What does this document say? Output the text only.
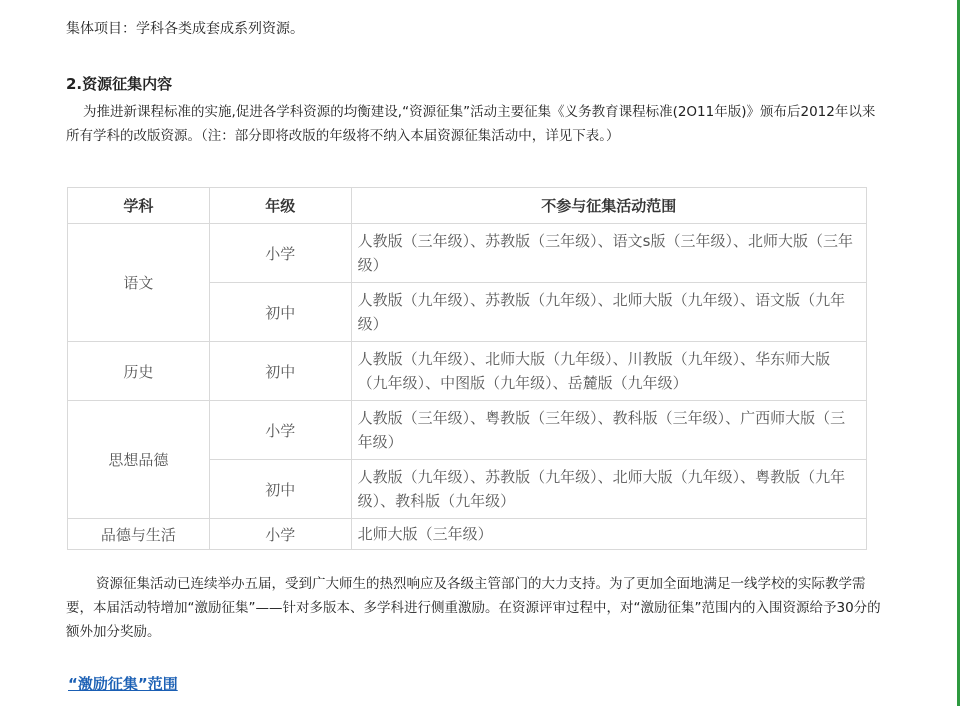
集体项目：学科各类成套成系列资源。
2.资源征集内容
为推进新课程标准的实施,促进各学科资源的均衡建设,“资源征集”活动主要征集《义务教育课程标准(2O11年版)》颁布后2012年以来所有学科的改版资源。（注：部分即将改版的年级将不纳入本届资源征集活动中，详见下表。）
学科	年级	不参与征集活动范围
语文	小学	人教版（三年级）、苏教版（三年级）、语文s版（三年级）、北师大版（三年级）
	初中	人教版（九年级）、苏教版（九年级）、北师大版（九年级）、语文版（九年级）
历史	初中	人教版（九年级）、北师大版（九年级）、川教版（九年级）、华东师大版（九年级）、中图版（九年级）、岳麓版（九年级）
思想品德	小学	人教版（三年级）、粤教版（三年级）、教科版（三年级）、广西师大版（三年级）
	初中	人教版（九年级）、苏教版（九年级）、北师大版（九年级）、粤教版（九年级）、教科版（九年级）
品德与生活	小学	北师大版（三年级）
资源征集活动已连续举办五届，受到广大师生的热烈响应及各级主管部门的大力支持。为了更加全面地满足一线学校的实际教学需要，本届活动特增加“激励征集”——针对多版本、多学科进行侧重激励。在资源评审过程中，对“激励征集”范围内的入围资源给予30分的额外加分奖励。
“激励征集”范围
